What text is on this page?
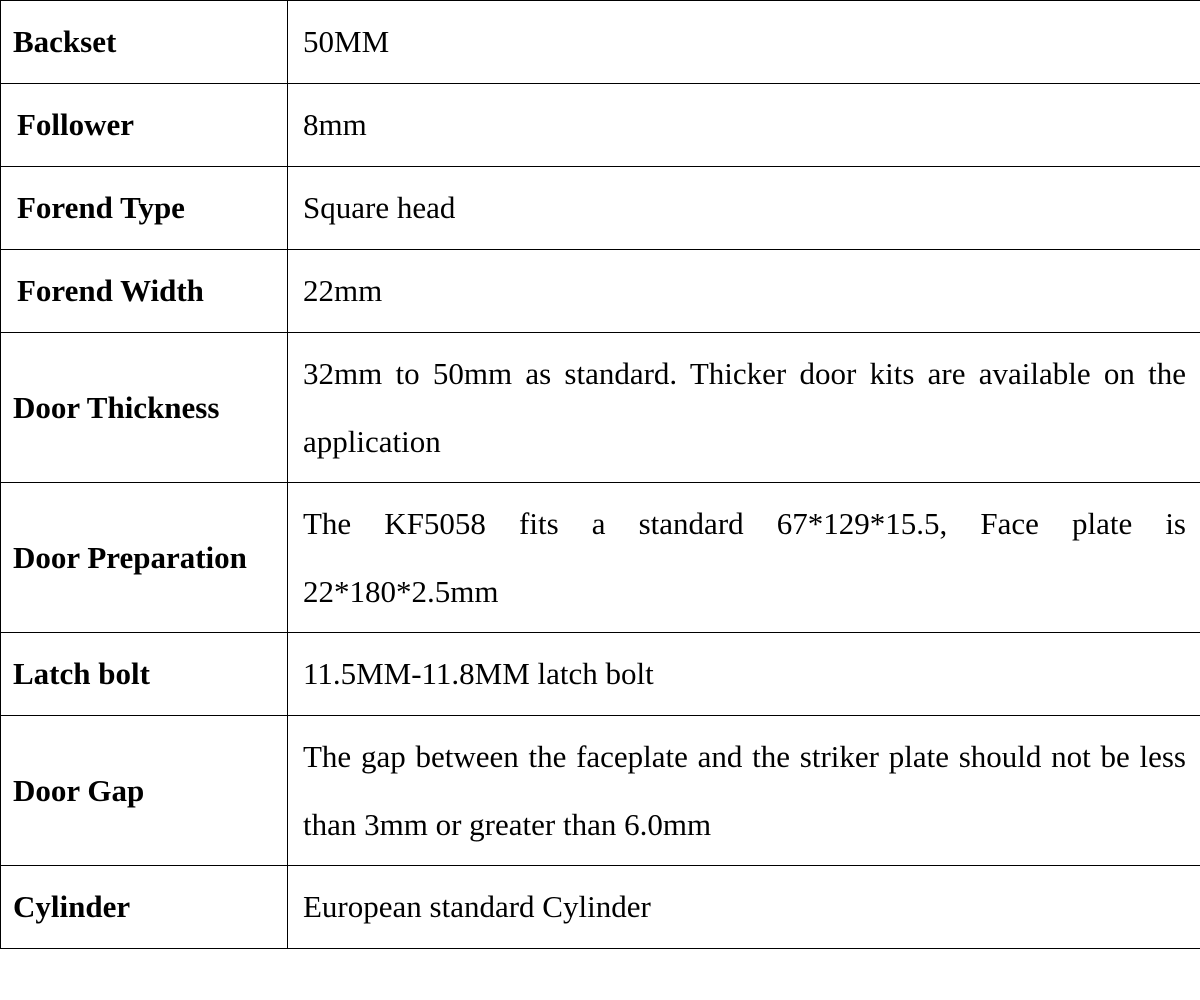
Backset	50MM

Follower	8mm

Forend Type	Square head

Forend Width	22mm

Door Thickness	32mm to 50mm as standard. Thicker door kits are available on the application

Door Preparation	The KF5058 fits a standard 67*129*15.5, Face plate is 22*180*2.5mm

Latch bolt	11.5MM-11.8MM latch bolt

Door Gap	The gap between the faceplate and the striker plate should not be less than 3mm or greater than 6.0mm

Cylinder	European standard Cylinder
